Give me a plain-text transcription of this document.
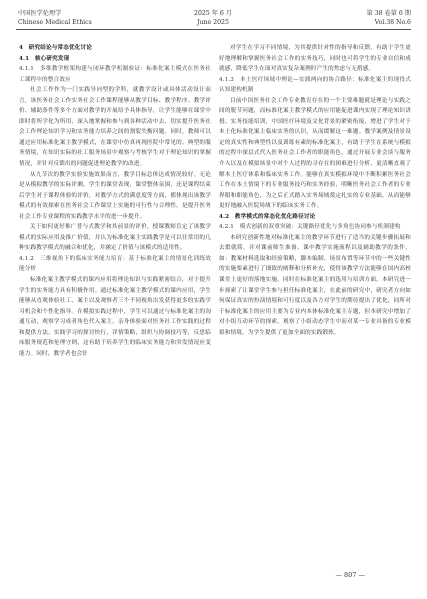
中国医学伦理学
Chinese Medical Ethics
2025 年 6 月
June 2025
第 38 卷第 6 期
Vol.38 No.6

4　研究结论与常态优化讨论

4.1　核心研究发现

4.1.1　多维教学框架构建与闭环教学机制验证：标准化案主模式在医务社工课程中的整合效应

社会工作作为一门实践导向型的学科，就教学设计或具体活动设计而言，该医务社会工作实务社会工作课程能够从教学目标、教学程序、教学评价、辅助条件等多个方面对教学的开展给予具体指导，让学生能够在课堂中即时将所学化为所用，深入地掌握和参与到各种活动中去，切实提升医务社会工作理论知识学习和实务能力培养之间的割裂失衡问题。同时，教师可以通过应用标准化案主教学模式，在课堂中仿真再现医院中常见的、典型的服务情境，在知识实际的社工服务场景中观察与考核学生对于理论知识的掌握情况，并针对反馈出的问题促进理论教学的改进。

从九节次的教学实验实施效果而言，教学目标总体达成情况较好。无论是从模拟教学的实际评测，学生的课堂表现，课堂整体氛围，还是课程结束后学生对于课程体验的评价，对教学方式的满意度等方面，都体现出该教学模式的有效探索在医务社会工作课堂上实施的可行性与合理性，是提升医务社会工作专业课程的实践教学水平的进一步提升。

关于如何更好推广普与式教学和其前景的评价，授课教师肯定了该教学模式的实际应用及推广价值，并认为标准化案主实践教学是可以往常用的几种实践教学模式的融合和优化，并涵定了价值与该模式的适用性。

4.1.2　三维视角下的临床实务能力培育：基于标准化案主的情景化训练效能分析

标准化案主教学模式的课内应用将理论知识与实践紧密结合，对于提升学生的实务能力具有积极作用。通过标准化案主教学模式的课内应用，学生能够从直观体验社工、案主以及观察者三个不同视角出发获得更多的实践学习机会和个性化指导。在模拟实践过程中，学生可以通过与标准化案主的沟通互动，观察学习成者角色代入案主，亲身体验面对医务社工作实践的过程和提供方法。实践学习的探讨快行，详情策略，组织与协调技巧等，反思临床服务规范和伦理守则，这有助于培养学生的临床实务能力和突发情况应变能力。同时，教学者也会针

对学生在学习不同情境，为其提供针对性的指导和反馈，有助于学生更好地理解和掌握医务社会工作的实务技巧，同时也可将学生的专业自信和成就感，降低学生在面对真实复杂案例时产生的焦虑与无措感。

4.1.3　本土医疗场域中理论—实践两向的协合路径：标准化案主的现役式认知建构机制

目前中国医务社会工作专业教育存在的一个主要难题就是理论与实践之间的脱节问题，而标准化案主教学模式的应用能促进课内实现了理论知识讲授、实务技能培训，中国医疗环境及文化背景的紧密衔接，增进了学生对于本土化标准化案主临床实务的认识，从而缓解这一难题。教学案例及情景设定的真实性和典型性以及训练有素的标准化案主，有助于学生在系统与模拟的过程中深层式代入医务社会工作者的职能角色，通过开展专业会谈与服务介入以及在模拟场景中对个人过程的寻存在的困难进行分析，更清晰直观了解本土医疗体系和临床实务工作。能够在真实模拟环境中不断积累医务社会工作在本土情境下的专业服务技巧和实务经验，明晰医务社会工作者的专业界限和职能角色，为之后正式踏入实务场域奠定扎实的专业基础，从而能够更好地融入医院场域下的临床实务工作。

4.2　教学模式的常态化优化路径讨论

4.2.1　模式创新的双重突破：关键路径优化与多角色协同参与机制建构

本研究创新性地对标准化案主的教学环节进行了适当的关键步骤拓展和去繁就简，并对课前师生准备，课中教学实施流程以及辅助教学的条件，如：教案材料选取和经验策略，脚本编制、场景布置等环节中的一些关键性的实施要素进行了细致的阐释和分析补充，使得该教学方法能够在国内高校课堂上更好的落地实施。同时在标准化案主的选用与培训方面，本研究进一步探索了让课堂学生参与担任标准化案主，在此前的研究中，研究者方向如何保证真实的扮演情境和可行度以及各方对学生的期待提出了优化，同所对于标准化案主的应用主要为专业内本体标准化案主专题，但本研究中增加了对小组互动环节的探索，观察了小组动态学生中而对某一专业具备的专业模拟和情境，为学生提供了更加全面的实践锻炼。

— 807 —
